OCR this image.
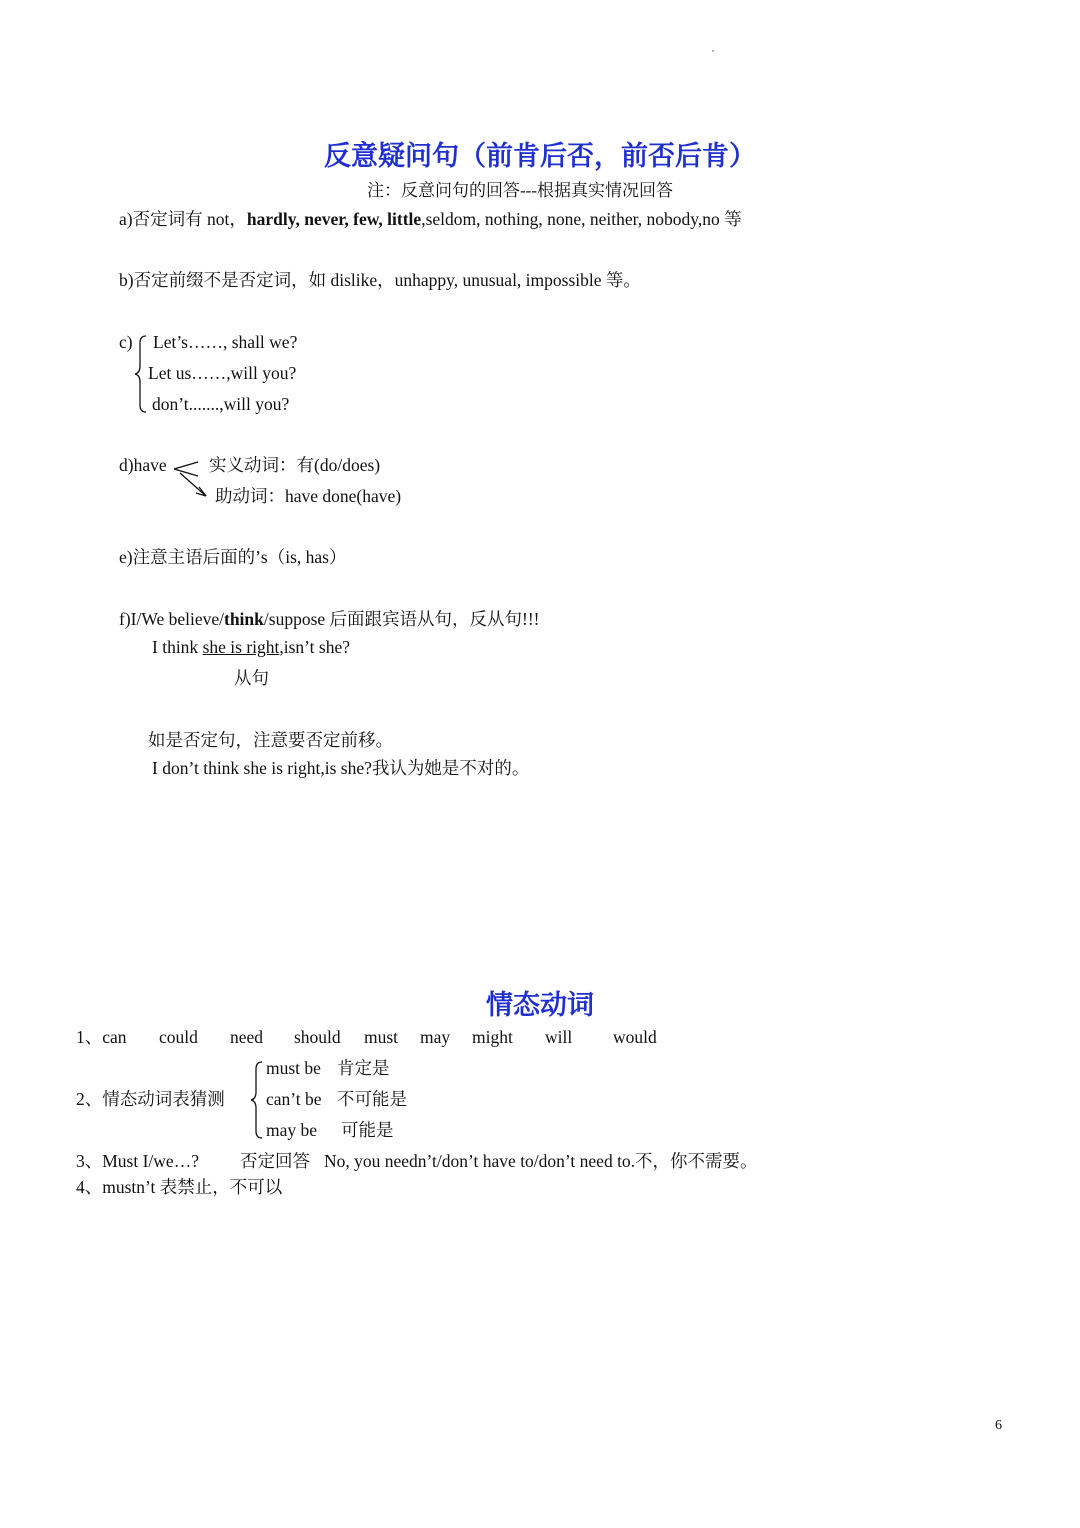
反意疑问句（前肯后否，前否后肯）
注：反意问句的回答---根据真实情况回答
a)否定词有 not，hardly, never, few, little,seldom, nothing, none, neither, nobody,no 等
b)否定前缀不是否定词，如 dislike，unhappy, unusual, impossible 等。
c) Let’s……, shall we?
Let us……,will you?
don’t.......,will you?
d)have 实义动词：有(do/does)
助动词：have done(have)
e)注意主语后面的’s（is, has）
f)I/We believe/think/suppose 后面跟宾语从句，反从句!!!
I think she is right,isn’t she?
从句
如是否定句，注意要否定前移。
I don’t think she is right,is she?我认为她是不对的。
情态动词
1、can could need should must may might will would
2、情态动词表猜测
must be 肯定是
can’t be 不可能是
may be 可能是
3、Must I/we…? 否定回答 No, you needn’t/don’t have to/don’t need to.不，你不需要。
4、mustn’t 表禁止，不可以
6
